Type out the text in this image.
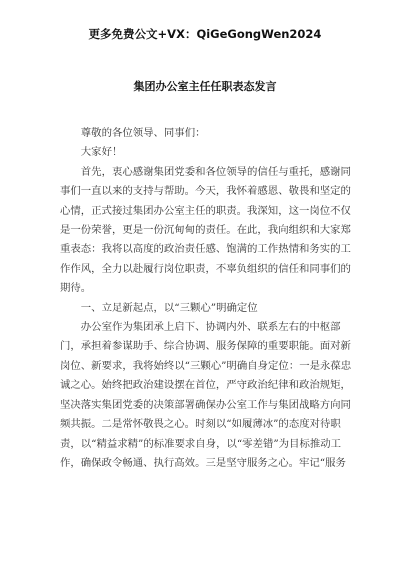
更多免费公文+VX：QiGeGongWen2024
集团办公室主任任职表态发言

尊敬的各位领导、同事们：

大家好！

首先，衷心感谢集团党委和各位领导的信任与重托，感谢同事们一直以来的支持与帮助。今天，我怀着感恩、敬畏和坚定的心情，正式接过集团办公室主任的职责。我深知，这一岗位不仅是一份荣誉，更是一份沉甸甸的责任。在此，我向组织和大家郑重表态：我将以高度的政治责任感、饱满的工作热情和务实的工作作风，全力以赴履行岗位职责，不辜负组织的信任和同事们的期待。

一、立足新起点，以“三颗心”明确定位

办公室作为集团承上启下、协调内外、联系左右的中枢部门，承担着参谋助手、综合协调、服务保障的重要职能。面对新岗位、新要求，我将始终以“三颗心”明确自身定位：一是永葆忠诚之心。始终把政治建设摆在首位，严守政治纪律和政治规矩，坚决落实集团党委的决策部署确保办公室工作与集团战略方向同频共振。二是常怀敬畏之心。时刻以“如履薄冰”的态度对待职责，以“精益求精”的标准要求自身，以“零差错”为目标推动工作，确保政令畅通、执行高效。三是坚守服务之心。牢记“服务
